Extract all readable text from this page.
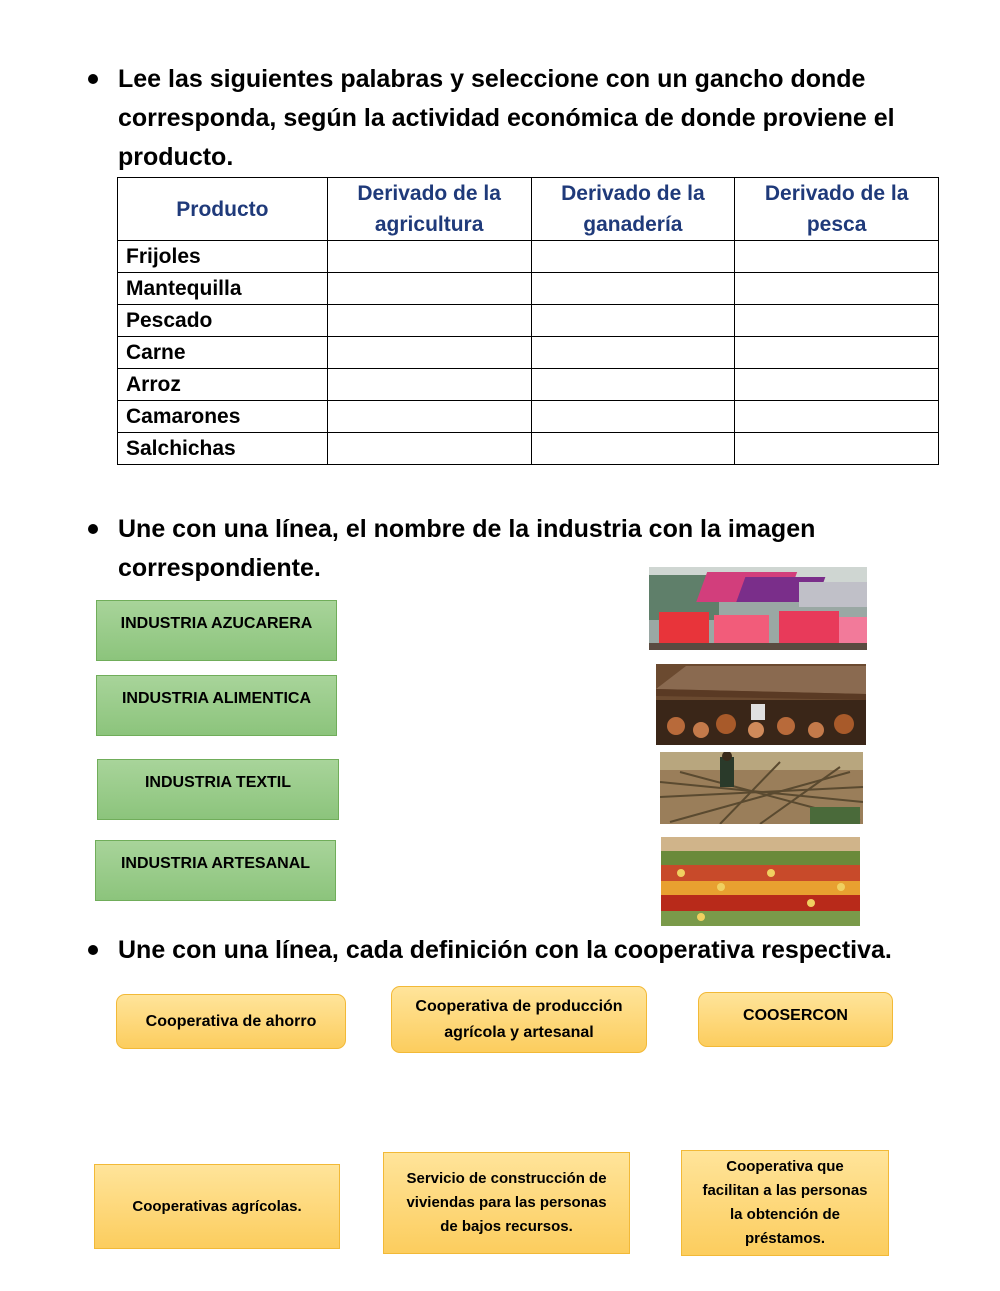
Lee las siguientes palabras y seleccione con un gancho donde corresponda, según la actividad económica de donde proviene el producto.
Producto	Derivado de la agricultura	Derivado de la ganadería	Derivado de la pesca
Frijoles			
Mantequilla			
Pescado			
Carne			
Arroz			
Camarones			
Salchichas			
Une con una línea, el nombre de la industria con la imagen correspondiente.
INDUSTRIA AZUCARERA
INDUSTRIA ALIMENTICA
INDUSTRIA TEXTIL
INDUSTRIA ARTESANAL
Une con una línea, cada definición con la cooperativa respectiva.
Cooperativa de ahorro
Cooperativa de producción agrícola y artesanal
COOSERCON
Cooperativas agrícolas.
Servicio de construcción de viviendas para las personas de bajos recursos.
Cooperativa que facilitan a las personas la obtención de préstamos.
